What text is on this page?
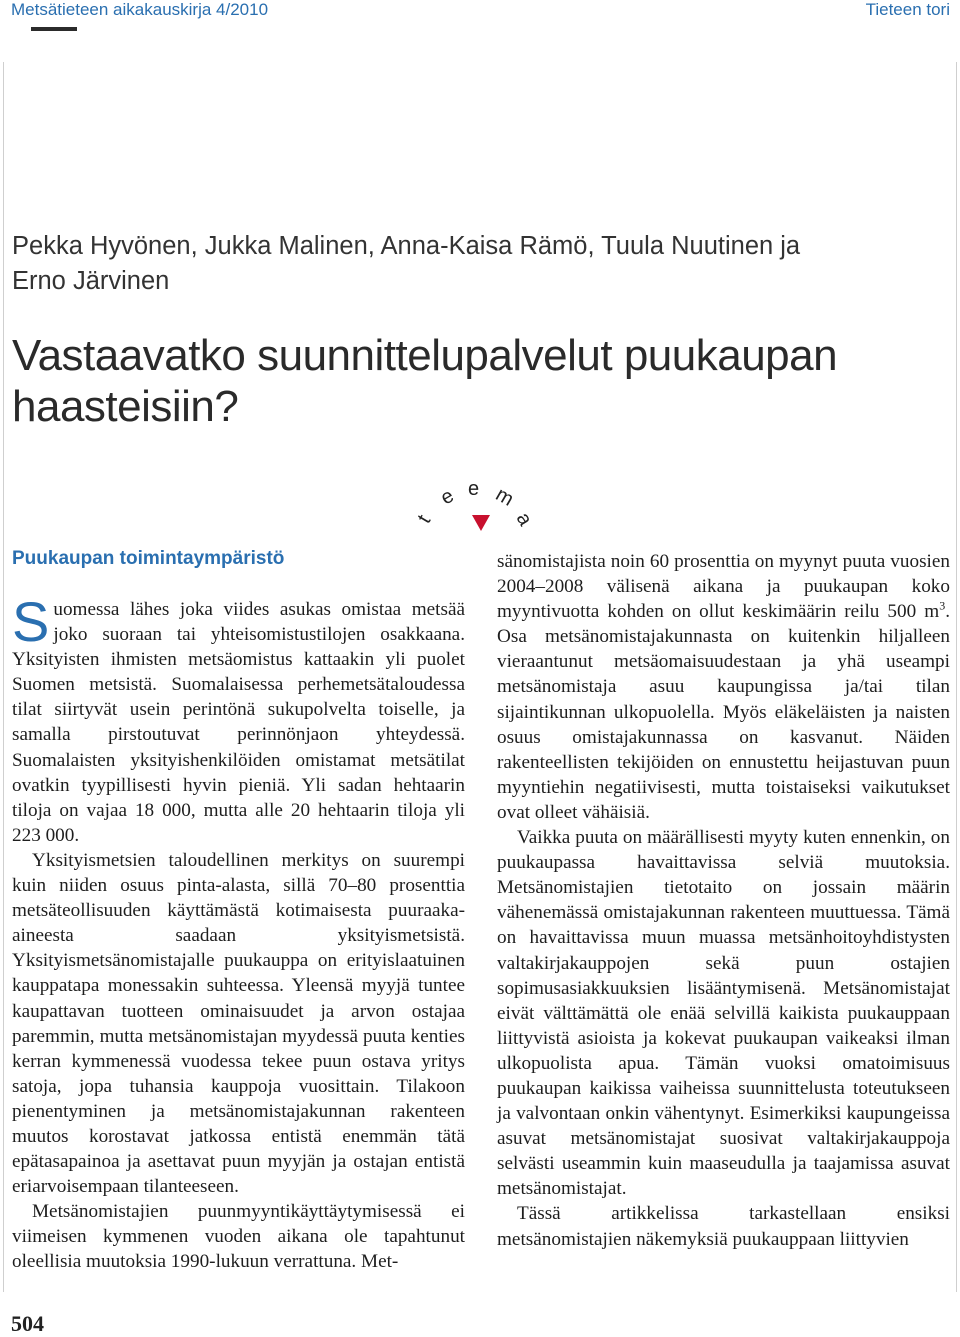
Metsätieteen aikakauskirja 4/2010	Tieteen tori
Pekka Hyvönen, Jukka Malinen, Anna-Kaisa Rämö, Tuula Nuutinen ja
Erno Järvinen
Vastaavatko suunnittelupalvelut puukaupan
haasteisiin?
t
e e m
a
Puukaupan toimintaympäristö

Suomessa lähes joka viides asukas omistaa metsää joko suoraan tai yhteisomistustilojen osakkaana. Yksityisten ihmisten metsäomistus kattaakin yli puolet Suomen metsistä. Suomalaisessa perhemetsätaloudessa tilat siirtyvät usein perintönä sukupolvelta toiselle, ja samalla pirstoutuvat perinnönjaon yhteydessä. Suomalaisten yksityishenkilöiden omistamat metsätilat ovatkin tyypillisesti hyvin pieniä. Yli sadan hehtaarin tiloja on vajaa 18 000, mutta alle 20 hehtaarin tiloja yli 223 000.

Yksityismetsien taloudellinen merkitys on suurempi kuin niiden osuus pinta-alasta, sillä 70–80 prosenttia metsäteollisuuden käyttämästä kotimaisesta puuraaka-aineesta saadaan yksityismetsistä. Yksityismetsänomistajalle puukauppa on erityislaatuinen kauppatapa monessakin suhteessa. Yleensä myyjä tuntee kaupattavan tuotteen ominaisuudet ja arvon ostajaa paremmin, mutta metsänomistajan myydessä puuta kenties kerran kymmenessä vuodessa tekee puun ostava yritys satoja, jopa tuhansia kauppoja vuosittain. Tilakoon pienentyminen ja metsänomistajakunnan rakenteen muutos korostavat jatkossa entistä enemmän tätä epätasapainoa ja asettavat puun myyjän ja ostajan entistä eriarvoisempaan tilanteeseen.

Metsänomistajien puunmyyntikäyttäytymisessä ei viimeisen kymmenen vuoden aikana ole tapahtunut oleellisia muutoksia 1990-lukuun verrattuna. Met-

sänomistajista noin 60 prosenttia on myynyt puuta vuosien 2004–2008 välisenä aikana ja puukaupan koko myyntivuotta kohden on ollut keskimäärin reilu 500 $m^3$. Osa metsänomistajakunnasta on kuitenkin hiljalleen vieraantunut metsäomaisuudestaan ja yhä useampi metsänomistaja asuu kaupungissa ja/tai tilan sijaintikunnan ulkopuolella. Myös eläkeläisten ja naisten osuus omistajakunnassa on kasvanut. Näiden rakenteellisten tekijöiden on ennustettu heijastuvan puun myyntiehin negatiivisesti, mutta toistaiseksi vaikutukset ovat olleet vähäisiä.

Vaikka puuta on määrällisesti myyty kuten ennenkin, on puukaupassa havaittavissa selviä muutoksia. Metsänomistajien tietotaito on jossain määrin vähenemässä omistajakunnan rakenteen muuttuessa. Tämä on havaittavissa muun muassa metsänhoitoyhdistysten valtakirjakauppojen sekä puun ostajien sopimusasiakkuuksien lisääntymisenä. Metsänomistajat eivät välttämättä ole enää selvillä kaikista puukauppaan liittyvistä asioista ja kokevat puukaupan vaikeaksi ilman ulkopuolista apua. Tämän vuoksi omatoimisuus puukaupan kaikissa vaiheissa suunnittelusta toteutukseen ja valvontaan onkin vähentynyt. Esimerkiksi kaupungeissa asuvat metsänomistajat suosivat valtakirjakauppoja selvästi useammin kuin maaseudulla ja taajamissa asuvat metsänomistajat.

Tässä artikkelissa tarkastellaan ensiksi metsänomistajien näkemyksiä puukauppaan liittyvien

504
